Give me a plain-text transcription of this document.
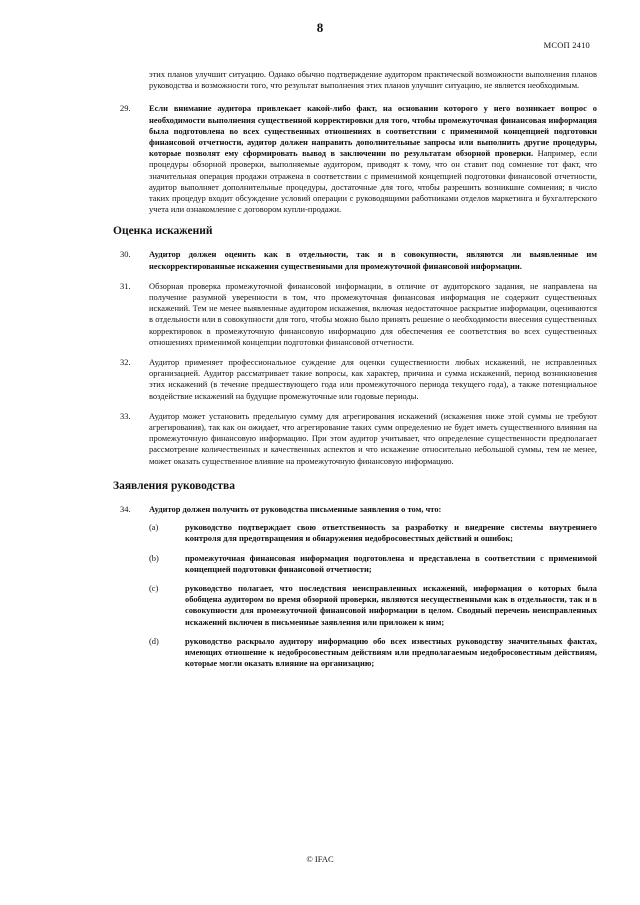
8
МСОП 2410
этих планов улучшит ситуацию. Однако обычно подтверждение аудитором практической возможности выполнения планов руководства и возможности того, что результат выполнения этих планов улучшит ситуацию, не является необходимым.
29. Если внимание аудитора привлекает какой-либо факт, на основании которого у него возникает вопрос о необходимости выполнения существенной корректировки для того, чтобы промежуточная финансовая информация была подготовлена во всех существенных отношениях в соответствии с применимой концепцией подготовки финансовой отчетности, аудитор должен направить дополнительные запросы или выполнить другие процедуры, которые позволят ему сформировать вывод в заключении по результатам обзорной проверки. Например, если процедуры обзорной проверки, выполняемые аудитором, приводят к тому, что он ставит под сомнение тот факт, что значительная операция продажи отражена в соответствии с применимой концепцией подготовки финансовой отчетности, аудитор выполняет дополнительные процедуры, достаточные для того, чтобы разрешить возникшие сомнения; в число таких процедур входит обсуждение условий операции с руководящими работниками отделов маркетинга и бухгалтерского учета или ознакомление с договором купли-продажи.
Оценка искажений
30. Аудитор должен оценить как в отдельности, так и в совокупности, являются ли выявленные им нескорректированные искажения существенными для промежуточной финансовой информации.
31. Обзорная проверка промежуточной финансовой информации, в отличие от аудиторского задания, не направлена на получение разумной уверенности в том, что промежуточная финансовая информация не содержит существенных искажений. Тем не менее выявленные аудитором искажения, включая недостаточное раскрытие информации, оцениваются в отдельности или в совокупности для того, чтобы можно было принять решение о необходимости внесения существенных корректировок в промежуточную финансовую информацию для обеспечения ее соответствия во всех существенных отношениях применимой концепции подготовки финансовой отчетности.
32. Аудитор применяет профессиональное суждение для оценки существенности любых искажений, не исправленных организацией. Аудитор рассматривает такие вопросы, как характер, причина и сумма искажений, период возникновения этих искажений (в течение предшествующего года или промежуточного периода текущего года), а также потенциальное воздействие искажений на будущие промежуточные или годовые периоды.
33. Аудитор может установить предельную сумму для агрегирования искажений (искажения ниже этой суммы не требуют агрегирования), так как он ожидает, что агрегирование таких сумм определенно не будет иметь существенного влияния на промежуточную финансовую информацию. При этом аудитор учитывает, что определение существенности предполагает рассмотрение количественных и качественных аспектов и что искажение относительно небольшой суммы, тем не менее, может оказать существенное влияние на промежуточную финансовую информацию.
Заявления руководства
34. Аудитор должен получить от руководства письменные заявления о том, что:
(a)	руководство подтверждает свою ответственность за разработку и внедрение системы внутреннего контроля для предотвращения и обнаружения недобросовестных действий и ошибок;
(b)	промежуточная финансовая информация подготовлена и представлена в соответствии с применимой концепцией подготовки финансовой отчетности;
(c)	руководство полагает, что последствия неисправленных искажений, информация о которых была обобщена аудитором во время обзорной проверки, являются несущественными как в отдельности, так и в совокупности для промежуточной финансовой информации в целом. Сводный перечень неисправленных искажений включен в письменные заявления или приложен к ним;
(d)	руководство раскрыло аудитору информацию обо всех известных руководству значительных фактах, имеющих отношение к недобросовестным действиям или предполагаемым недобросовестным действиям, которые могли оказать влияние на организацию;
© IFAC
